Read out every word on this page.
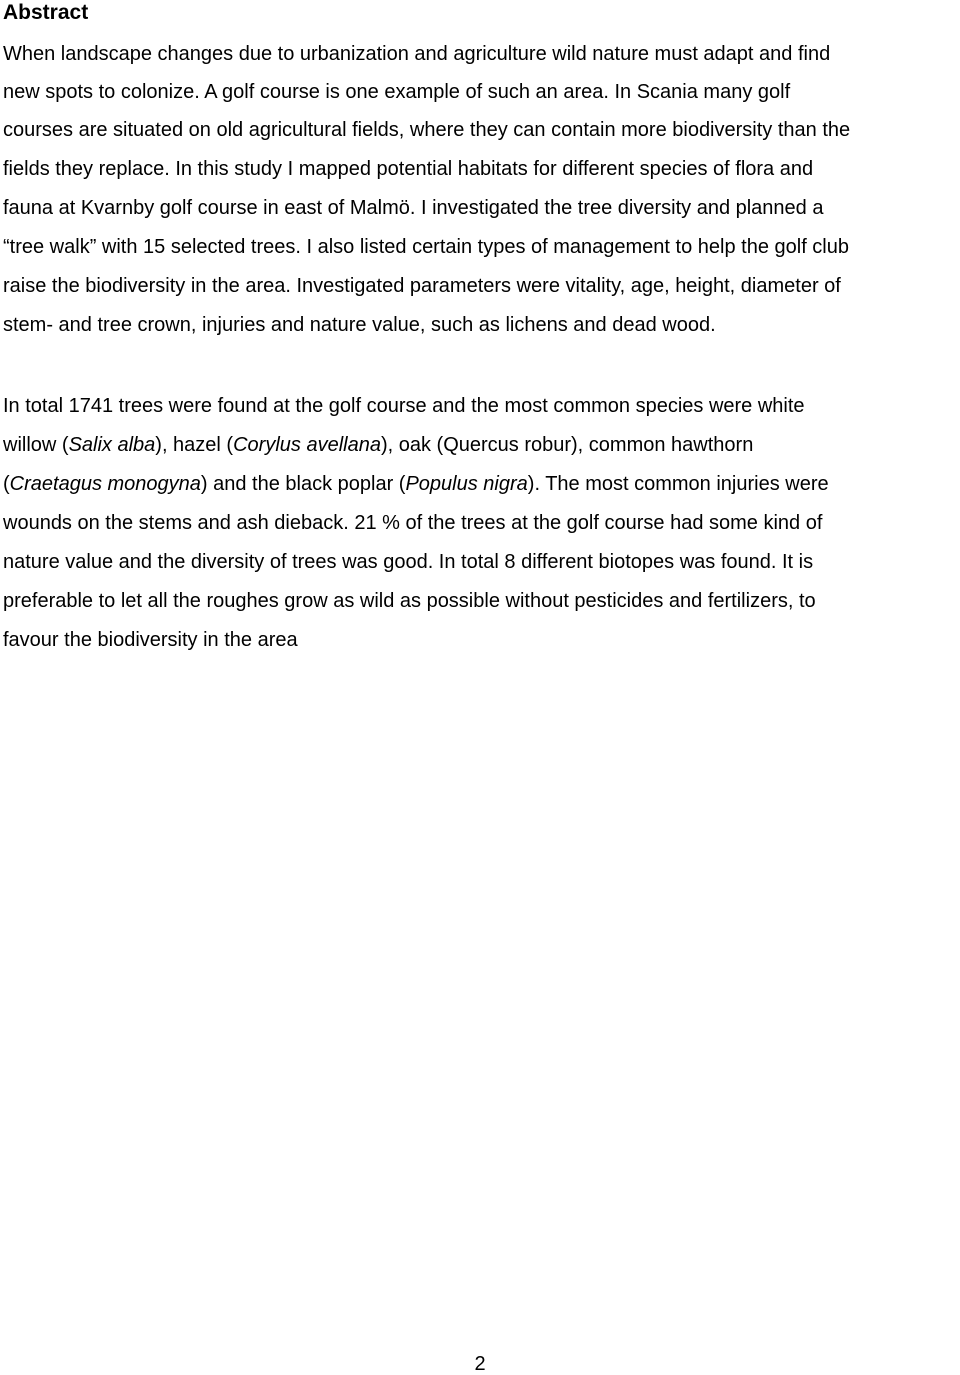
Abstract

When landscape changes due to urbanization and agriculture wild nature must adapt and find
new spots to colonize. A golf course is one example of such an area. In Scania many golf
courses are situated on old agricultural fields, where they can contain more biodiversity than the
fields they replace. In this study I mapped potential habitats for different species of flora and
fauna at Kvarnby golf course in east of Malmö. I investigated the tree diversity and planned a
“tree walk” with 15 selected trees. I also listed certain types of management to help the golf club
raise the biodiversity in the area. Investigated parameters were vitality, age, height, diameter of
stem- and tree crown, injuries and nature value, such as lichens and dead wood.

In total 1741 trees were found at the golf course and the most common species were white
willow (Salix alba), hazel (Corylus avellana), oak (Quercus robur), common hawthorn
(Craetagus monogyna) and the black poplar (Populus nigra). The most common injuries were
wounds on the stems and ash dieback. 21 % of the trees at the golf course had some kind of
nature value and the diversity of trees was good. In total 8 different biotopes was found. It is
preferable to let all the roughes grow as wild as possible without pesticides and fertilizers, to
favour the biodiversity in the area

2
